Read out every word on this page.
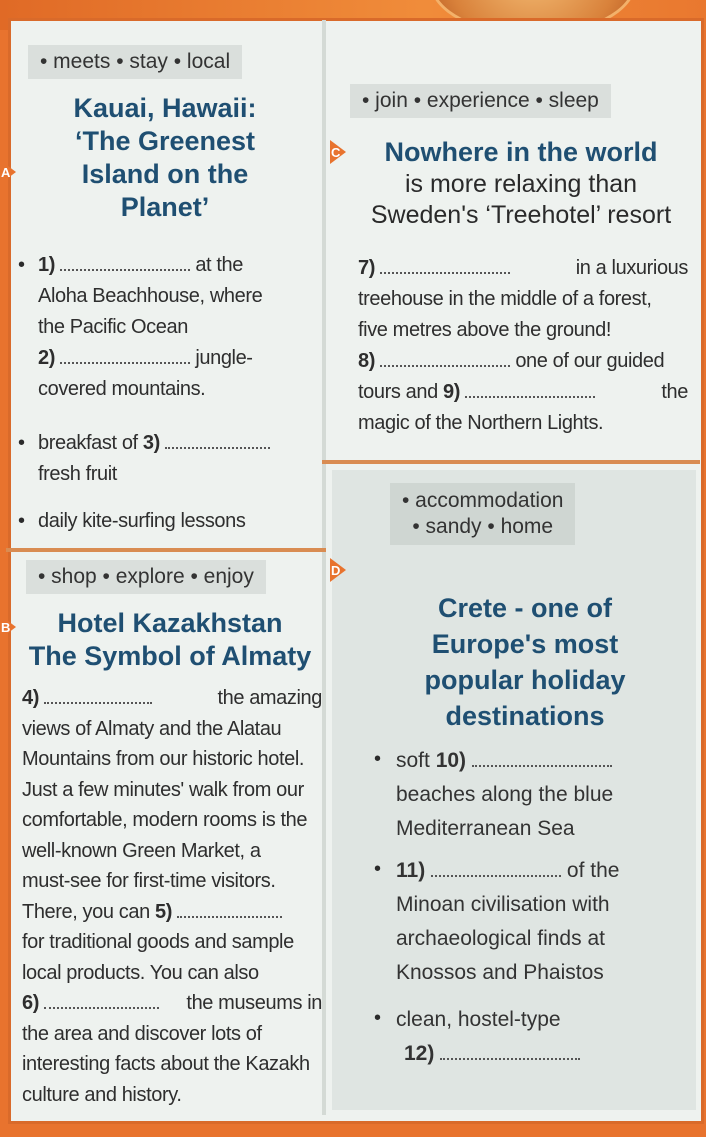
• meets • stay • local
A
Kauai, Hawaii:
‘The Greenest
Island on the
Planet’
• 1)	at the
Aloha Beachhouse, where
the Pacific Ocean
2)	jungle-
covered mountains.
• breakfast of 3)
fresh fruit
• daily kite-surfing lessons
• join • experience • sleep
C	Nowhere in the world
is more relaxing than
Sweden's ‘Treehotel’ resort
7)	in a luxurious
treehouse in the middle of a forest,
five metres above the ground!
8)	one of our guided
tours and 9)	the
magic of the Northern Lights.
• shop • explore • enjoy
B	Hotel Kazakhstan
The Symbol of Almaty
4)	the amazing
views of Almaty and the Alatau
Mountains from our historic hotel.
Just a few minutes' walk from our
comfortable, modern rooms is the
well-known Green Market, a
must-see for first-time visitors.
There, you can 5)
for traditional goods and sample
local products. You can also
6)	the museums in
the area and discover lots of
interesting facts about the Kazakh
culture and history.
• accommodation
• sandy • home
D
Crete - one of
Europe's most
popular holiday
destinations
• soft 10)
beaches along the blue
Mediterranean Sea
• 11)	of the
Minoan civilisation with
archaeological finds at
Knossos and Phaistos
• clean, hostel-type
12)
